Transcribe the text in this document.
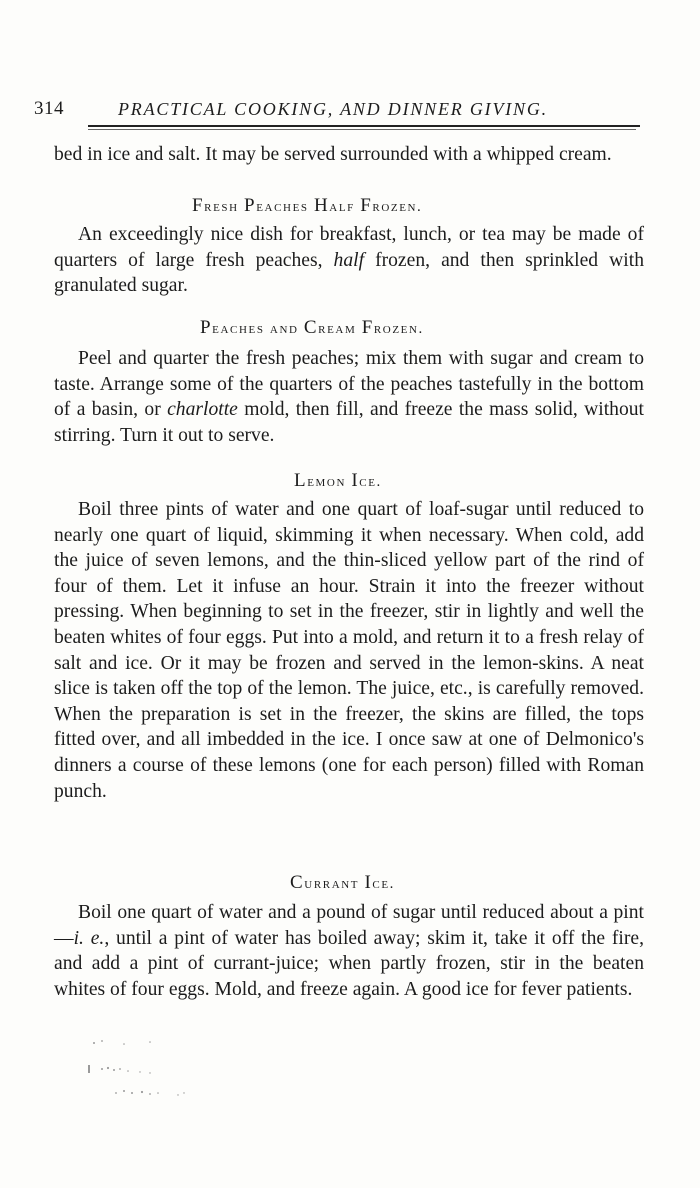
314	PRACTICAL COOKING, AND DINNER GIVING.

bed in ice and salt. It may be served surrounded with a whipped cream.

Fresh Peaches Half Frozen.

An exceedingly nice dish for breakfast, lunch, or tea may be made of quarters of large fresh peaches, half frozen, and then sprinkled with granulated sugar.

Peaches and Cream Frozen.

Peel and quarter the fresh peaches; mix them with sugar and cream to taste. Arrange some of the quarters of the peaches tastefully in the bottom of a basin, or charlotte mold, then fill, and freeze the mass solid, without stirring. Turn it out to serve.

Lemon Ice.

Boil three pints of water and one quart of loaf-sugar until reduced to nearly one quart of liquid, skimming it when necessary. When cold, add the juice of seven lemons, and the thin-sliced yellow part of the rind of four of them. Let it infuse an hour. Strain it into the freezer without pressing. When beginning to set in the freezer, stir in lightly and well the beaten whites of four eggs. Put into a mold, and return it to a fresh relay of salt and ice. Or it may be frozen and served in the lemon-skins. A neat slice is taken off the top of the lemon. The juice, etc., is carefully removed. When the preparation is set in the freezer, the skins are filled, the tops fitted over, and all imbedded in the ice. I once saw at one of Delmonico's dinners a course of these lemons (one for each person) filled with Roman punch.

Currant Ice.

Boil one quart of water and a pound of sugar until reduced about a pint—i. e., until a pint of water has boiled away; skim it, take it off the fire, and add a pint of currant-juice; when partly frozen, stir in the beaten whites of four eggs. Mold, and freeze again. A good ice for fever patients.
